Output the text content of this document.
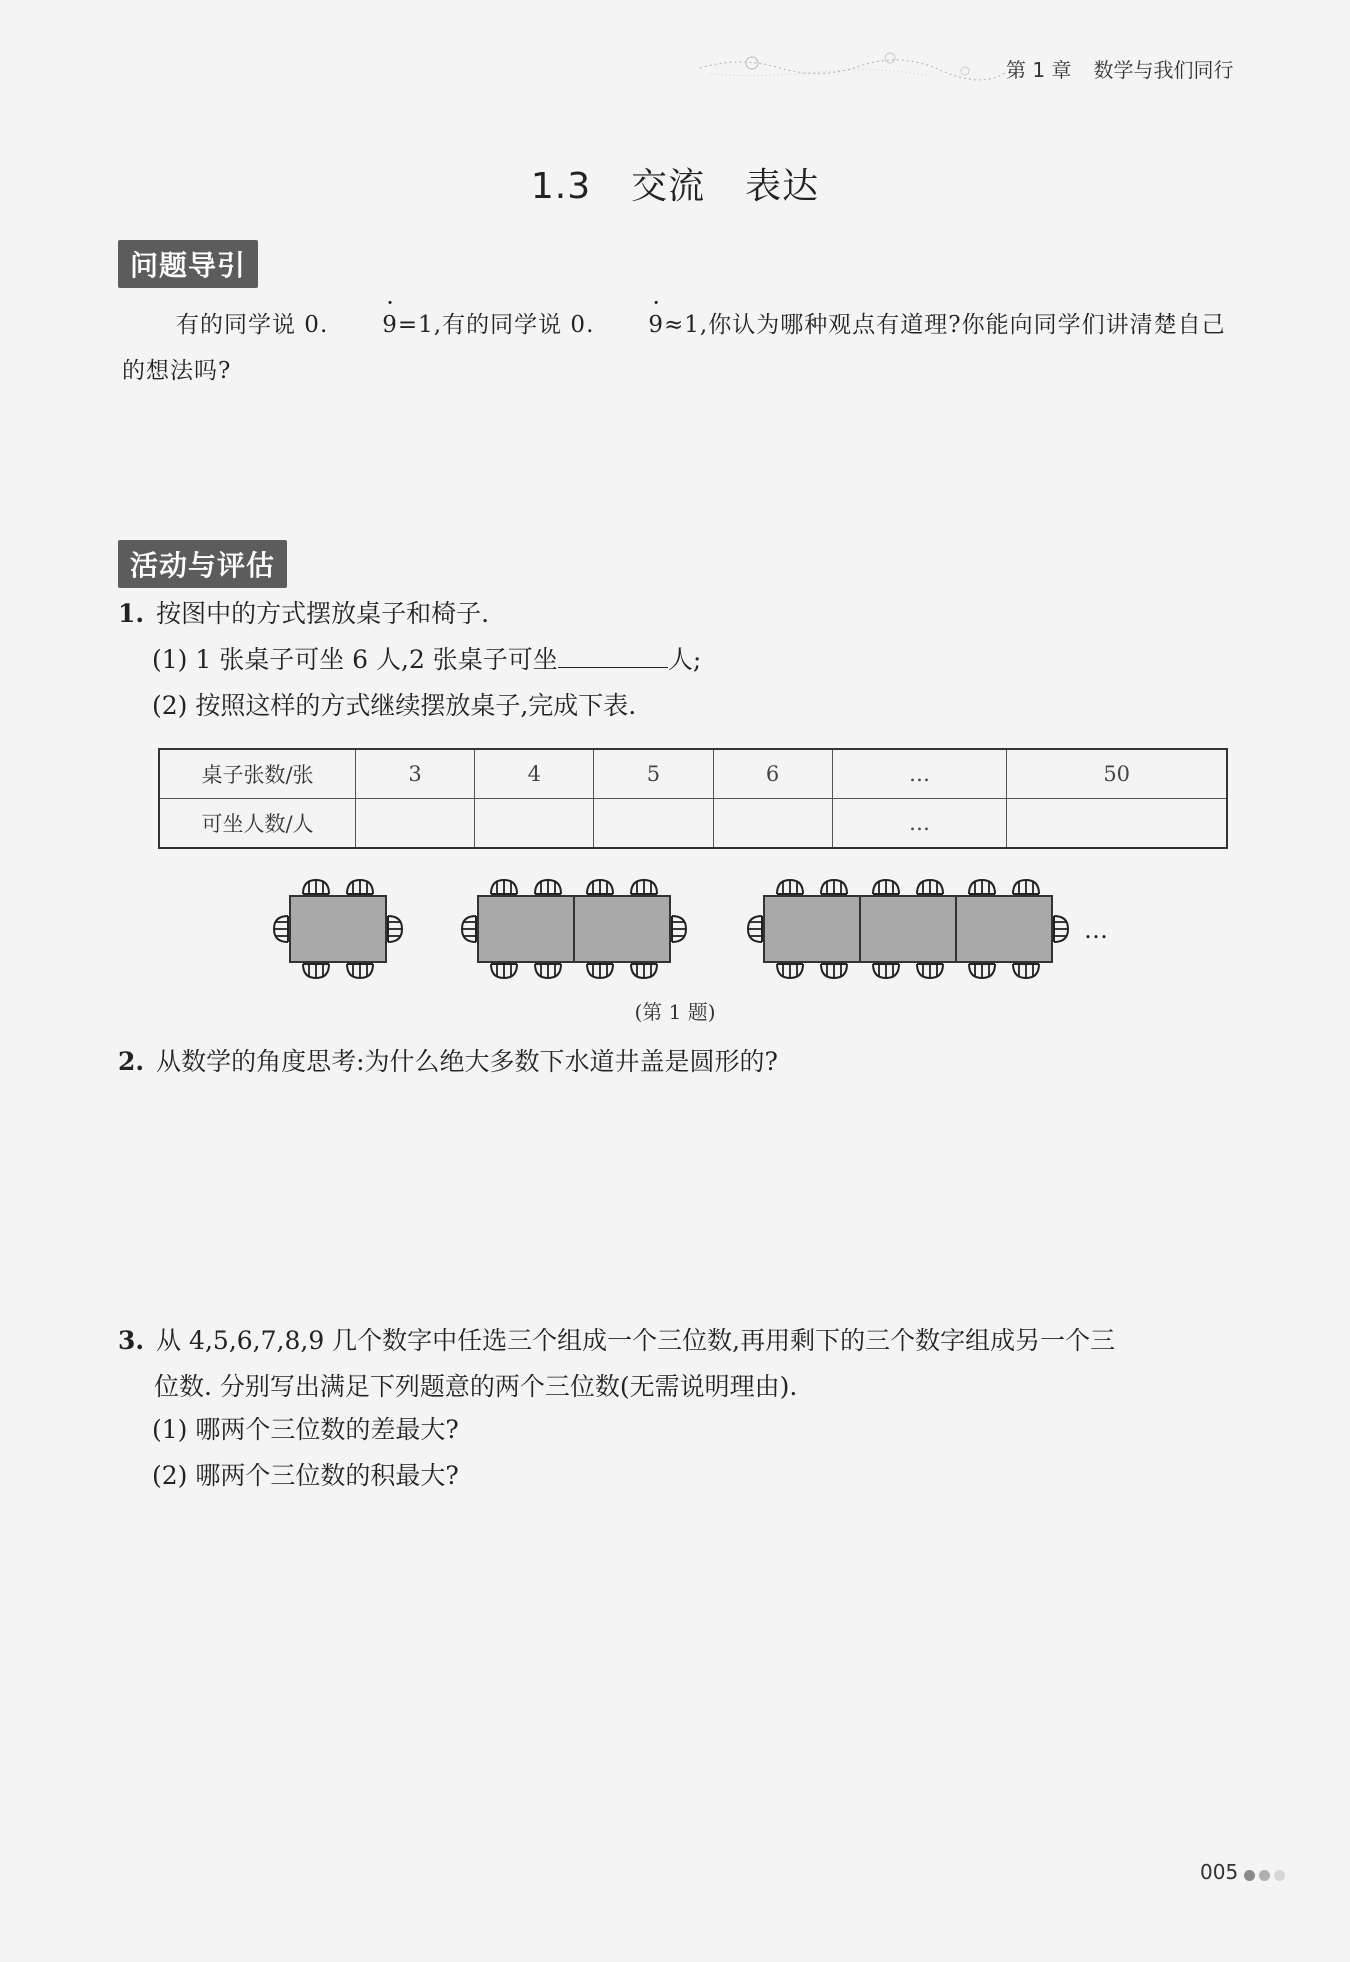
第 1 章 数学与我们同行
1.3 交流 表达
问题导引
有的同学说 0. · 9=1,有的同学说 0. · 9≈1,你认为哪种观点有道理?你能向同学们讲清楚自己的想法吗?
活动与评估
1. 按图中的方式摆放桌子和椅子.
(1) 1 张桌子可坐 6 人,2 张桌子可坐	人;
(2) 按照这样的方式继续摆放桌子,完成下表.
桌子张数/张	3	4	5	6	…	50
可坐人数/人					…	
…
(第 1 题)
2. 从数学的角度思考:为什么绝大多数下水道井盖是圆形的?
3. 从 4,5,6,7,8,9 几个数字中任选三个组成一个三位数,再用剩下的三个数字组成另一个三
位数. 分别写出满足下列题意的两个三位数(无需说明理由).
(1) 哪两个三位数的差最大?
(2) 哪两个三位数的积最大?
005
